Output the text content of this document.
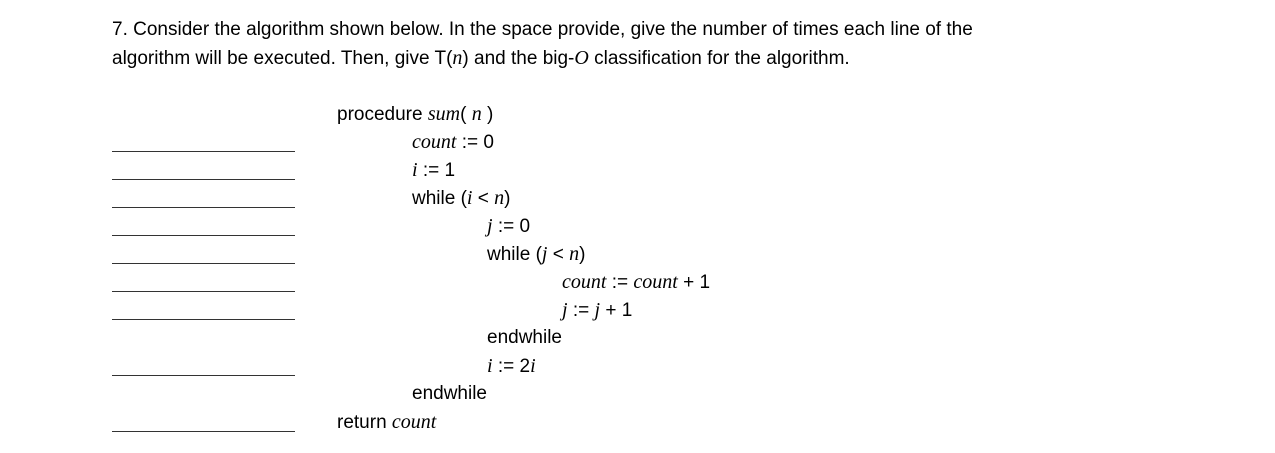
7. Consider the algorithm shown below. In the space provide, give the number of times each line of the
algorithm will be executed. Then, give T(n) and the big-O classification for the algorithm.
procedure sum( n )
count := 0
i := 1
while (i < n)
j := 0
while (j < n)
count := count + 1
j := j + 1
endwhile
i := 2i
endwhile
return count
